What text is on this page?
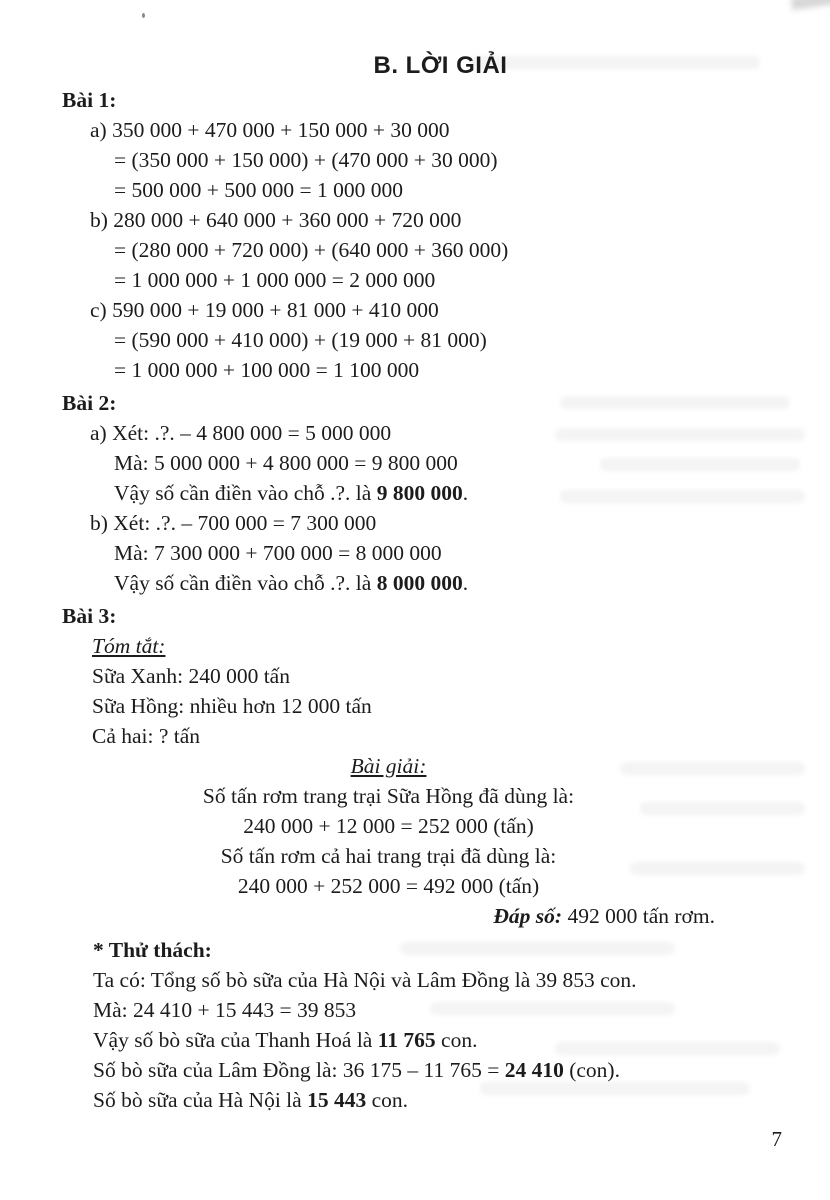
B. LỜI GIẢI

Bài 1:

a) 350 000 + 470 000 + 150 000 + 30 000

= (350 000 + 150 000) + (470 000 + 30 000)

= 500 000 + 500 000 = 1 000 000

b) 280 000 + 640 000 + 360 000 + 720 000

= (280 000 + 720 000) + (640 000 + 360 000)

= 1 000 000 + 1 000 000 = 2 000 000

c) 590 000 + 19 000 + 81 000 + 410 000

= (590 000 + 410 000) + (19 000 + 81 000)

= 1 000 000 + 100 000 = 1 100 000

Bài 2:

a) Xét: .?. – 4 800 000 = 5 000 000

Mà: 5 000 000 + 4 800 000 = 9 800 000

Vậy số cần điền vào chỗ .?. là 9 800 000.

b) Xét: .?. – 700 000 = 7 300 000

Mà: 7 300 000 + 700 000 = 8 000 000

Vậy số cần điền vào chỗ .?. là 8 000 000.

Bài 3:

Tóm tắt:

Sữa Xanh: 240 000 tấn

Sữa Hồng: nhiều hơn 12 000 tấn

Cả hai: ? tấn

Bài giải:

Số tấn rơm trang trại Sữa Hồng đã dùng là:

240 000 + 12 000 = 252 000 (tấn)

Số tấn rơm cả hai trang trại đã dùng là:

240 000 + 252 000 = 492 000 (tấn)

Đáp số: 492 000 tấn rơm.

* Thử thách:

Ta có: Tổng số bò sữa của Hà Nội và Lâm Đồng là 39 853 con.

Mà: 24 410 + 15 443 = 39 853

Vậy số bò sữa của Thanh Hoá là 11 765 con.

Số bò sữa của Lâm Đồng là: 36 175 – 11 765 = 24 410 (con).

Số bò sữa của Hà Nội là 15 443 con.

7
